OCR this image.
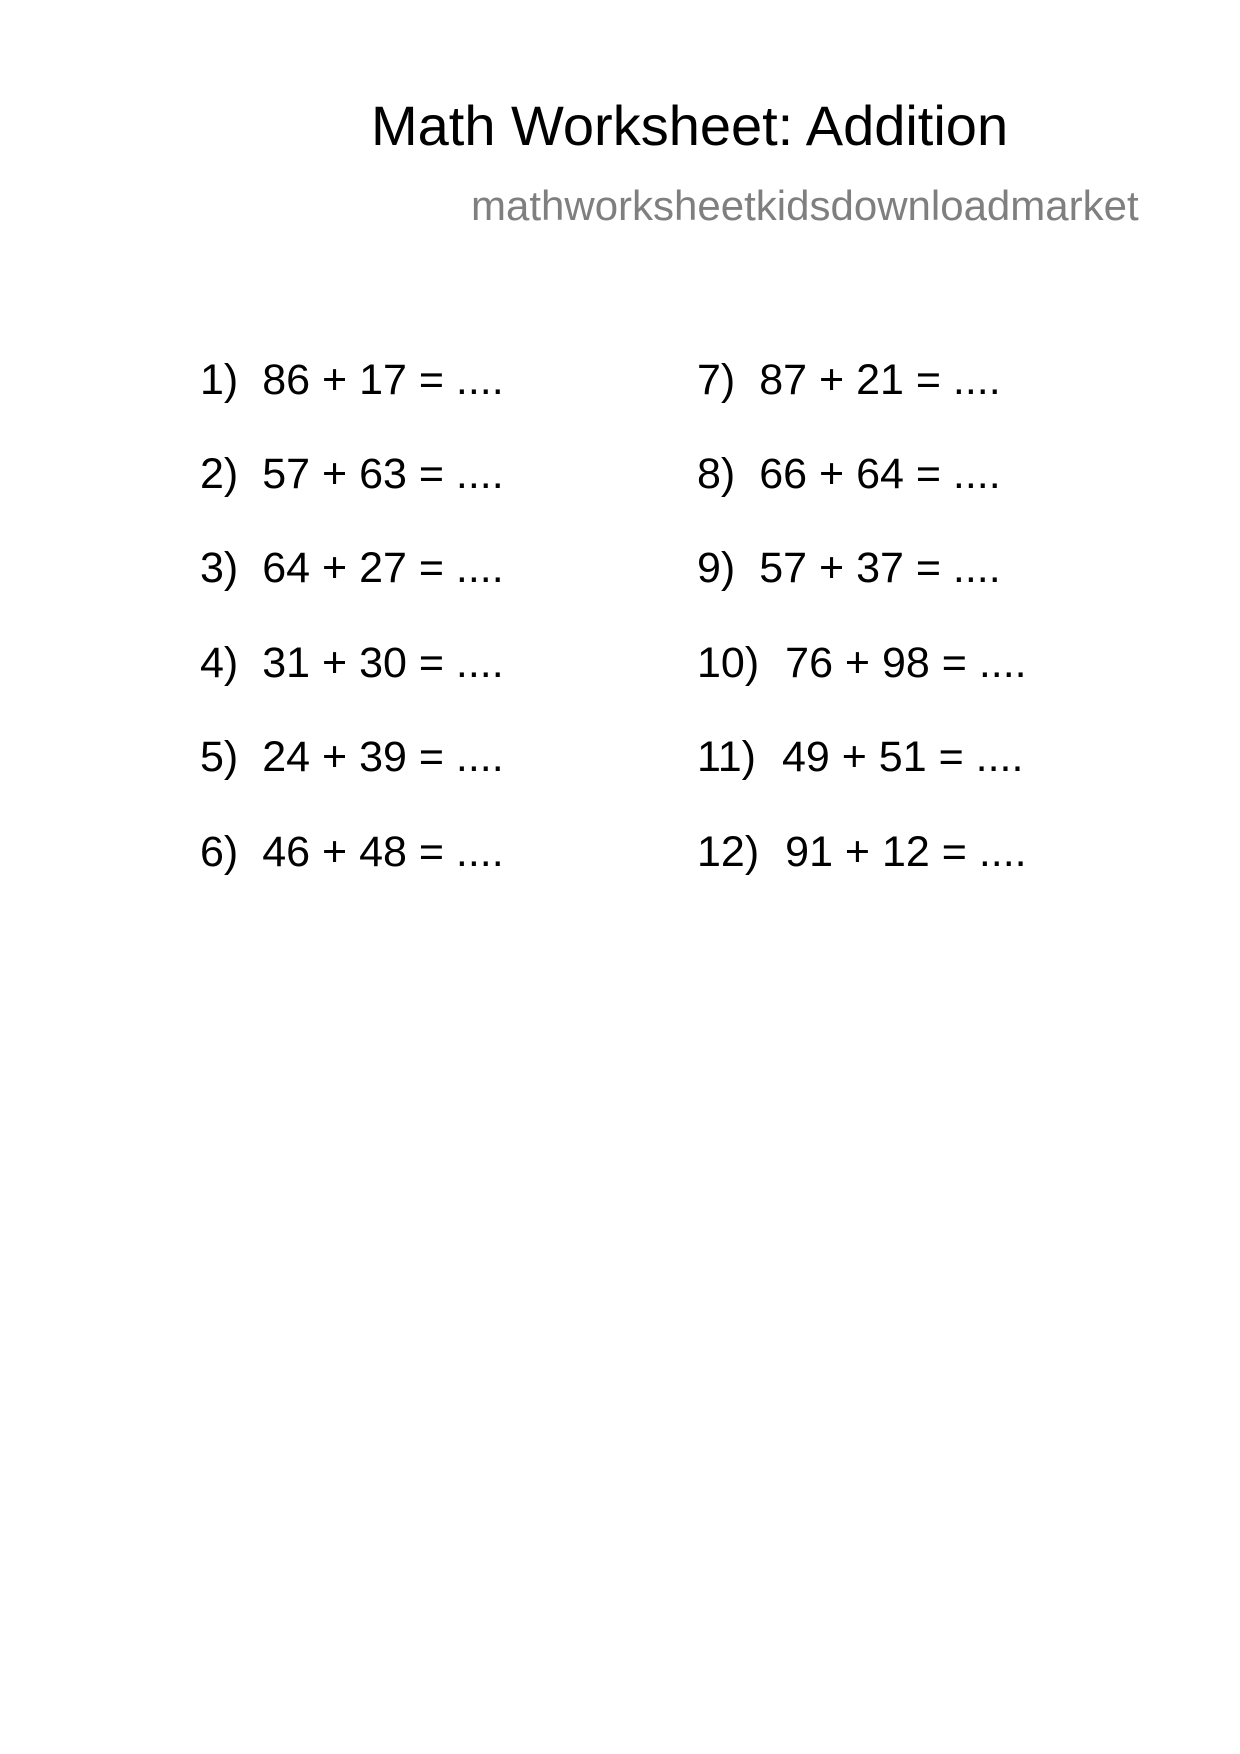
Math Worksheet: Addition
mathworksheetkidsdownloadmarket
1) 86 + 17 = ....
2) 57 + 63 = ....
3) 64 + 27 = ....
4) 31 + 30 = ....
5) 24 + 39 = ....
6) 46 + 48 = ....
7) 87 + 21 = ....
8) 66 + 64 = ....
9) 57 + 37 = ....
10) 76 + 98 = ....
11) 49 + 51 = ....
12) 91 + 12 = ....
